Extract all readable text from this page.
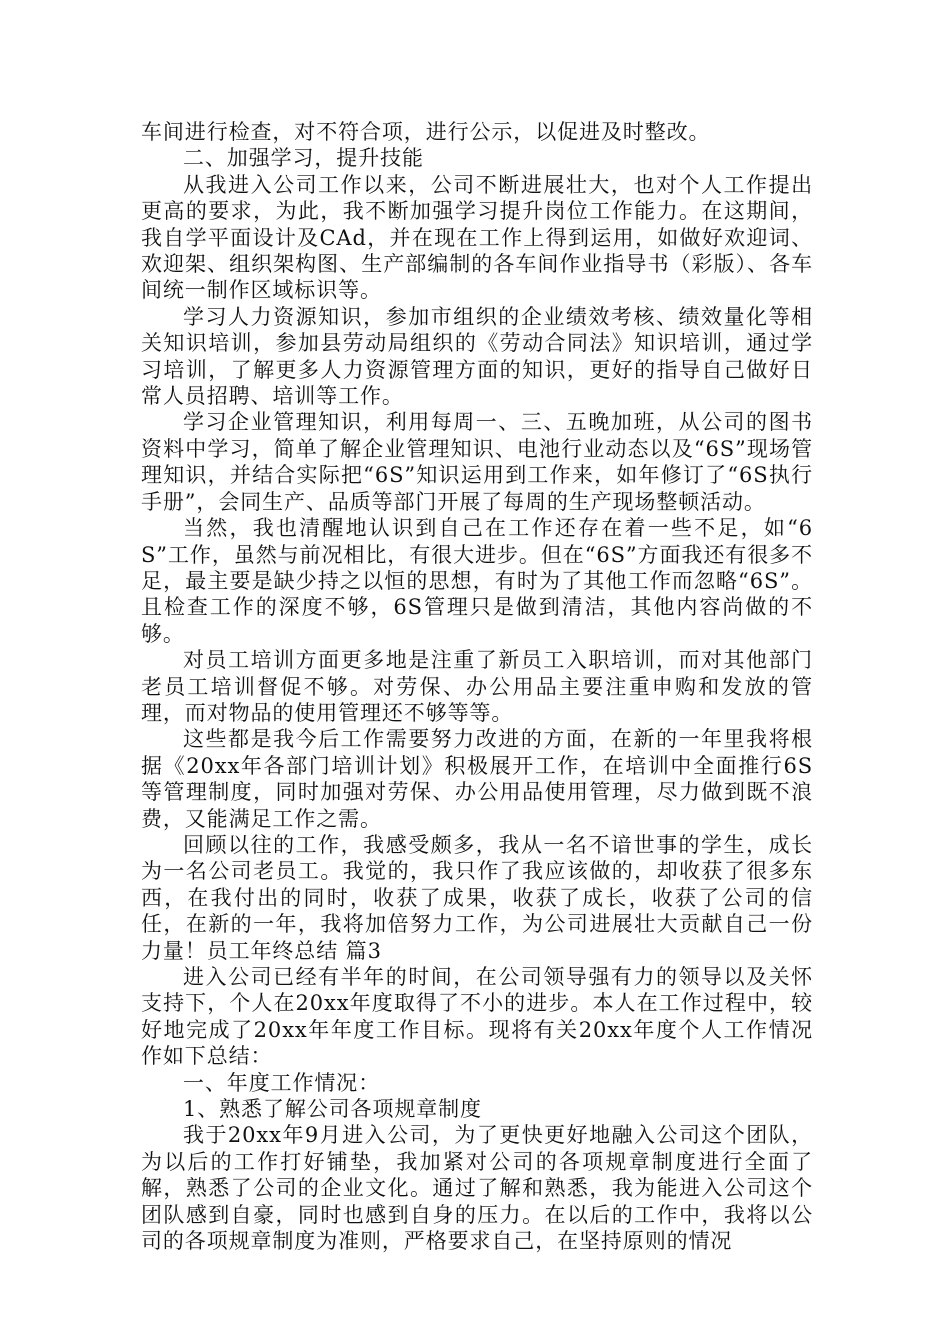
车间进行检查，对不符合项，进行公示，以促进及时整改。

二、加强学习，提升技能

从我进入公司工作以来，公司不断进展壮大，也对个人工作提出更高的要求，为此，我不断加强学习提升岗位工作能力。在这期间，我自学平面设计及CAd，并在现在工作上得到运用，如做好欢迎词、欢迎架、组织架构图、生产部编制的各车间作业指导书（彩版）、各车间统一制作区域标识等。

学习人力资源知识，参加市组织的企业绩效考核、绩效量化等相关知识培训，参加县劳动局组织的《劳动合同法》知识培训，通过学习培训，了解更多人力资源管理方面的知识，更好的指导自己做好日常人员招聘、培训等工作。

学习企业管理知识，利用每周一、三、五晚加班，从公司的图书资料中学习，简单了解企业管理知识、电池行业动态以及“6S”现场管理知识，并结合实际把“6S”知识运用到工作来，如年修订了“6S执行手册”，会同生产、品质等部门开展了每周的生产现场整顿活动。

当然，我也清醒地认识到自己在工作还存在着一些不足，如“6S”工作，虽然与前况相比，有很大进步。但在“6S”方面我还有很多不足，最主要是缺少持之以恒的思想，有时为了其他工作而忽略“6S”。且检查工作的深度不够，6S管理只是做到清洁，其他内容尚做的不够。

对员工培训方面更多地是注重了新员工入职培训，而对其他部门老员工培训督促不够。对劳保、办公用品主要注重申购和发放的管理，而对物品的使用管理还不够等等。

这些都是我今后工作需要努力改进的方面，在新的一年里我将根据《20xx年各部门培训计划》积极展开工作，在培训中全面推行6S等管理制度，同时加强对劳保、办公用品使用管理，尽力做到既不浪费，又能满足工作之需。

回顾以往的工作，我感受颇多，我从一名不谙世事的学生，成长为一名公司老员工。我觉的，我只作了我应该做的，却收获了很多东西，在我付出的同时，收获了成果，收获了成长，收获了公司的信任，在新的一年，我将加倍努力工作，为公司进展壮大贡献自己一份力量！员工年终总结 篇3

进入公司已经有半年的时间，在公司领导强有力的领导以及关怀支持下，个人在20xx年度取得了不小的进步。本人在工作过程中，较好地完成了20xx年年度工作目标。现将有关20xx年度个人工作情况作如下总结：

一、年度工作情况：

1、熟悉了解公司各项规章制度

我于20xx年9月进入公司，为了更快更好地融入公司这个团队，为以后的工作打好铺垫，我加紧对公司的各项规章制度进行全面了解，熟悉了公司的企业文化。通过了解和熟悉，我为能进入公司这个团队感到自豪，同时也感到自身的压力。在以后的工作中，我将以公司的各项规章制度为准则，严格要求自己，在坚持原则的情况
